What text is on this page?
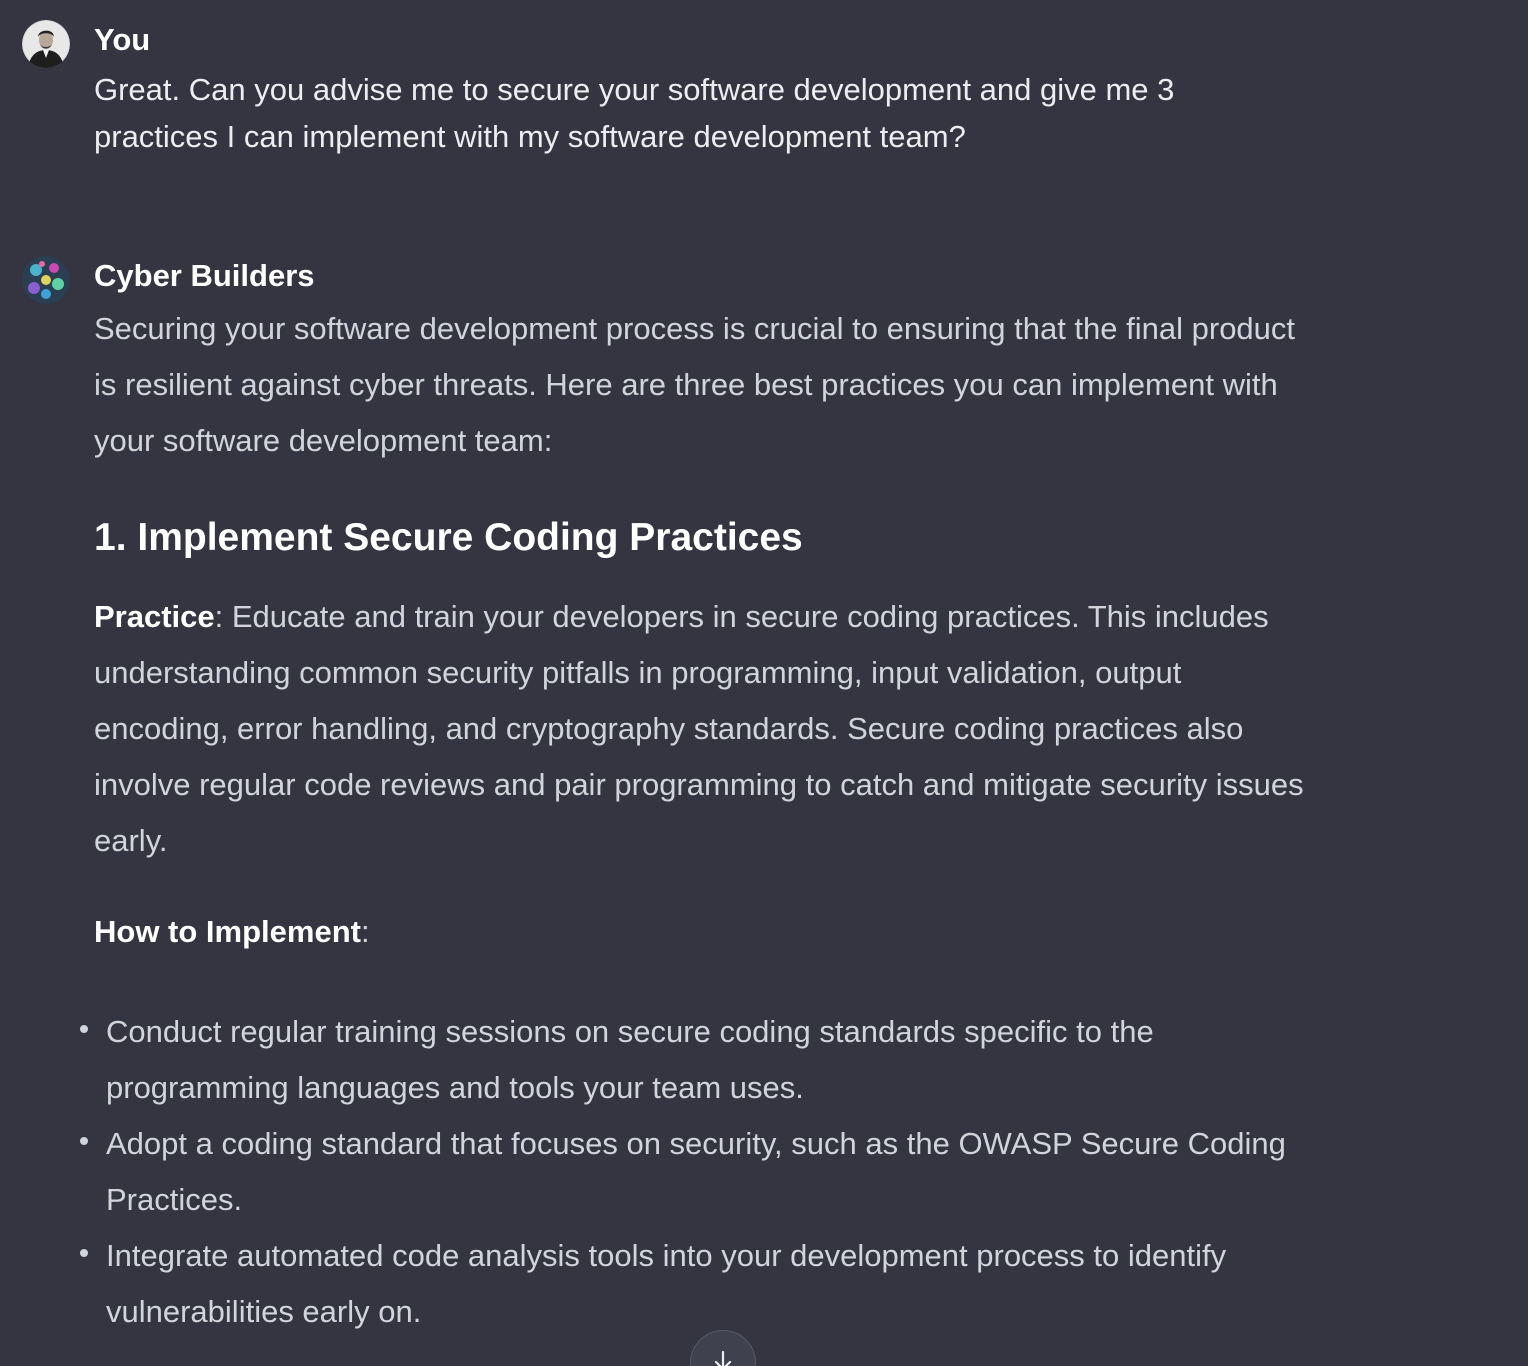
You

Great. Can you advise me to secure your software development and give me 3 practices I can implement with my software development team?

Cyber Builders

Securing your software development process is crucial to ensuring that the final product is resilient against cyber threats. Here are three best practices you can implement with your software development team:

1. Implement Secure Coding Practices

Practice: Educate and train your developers in secure coding practices. This includes understanding common security pitfalls in programming, input validation, output encoding, error handling, and cryptography standards. Secure coding practices also involve regular code reviews and pair programming to catch and mitigate security issues early.

How to Implement:

Conduct regular training sessions on secure coding standards specific to the programming languages and tools your team uses.
Adopt a coding standard that focuses on security, such as the OWASP Secure Coding Practices.
Integrate automated code analysis tools into your development process to identify vulnerabilities early on.
